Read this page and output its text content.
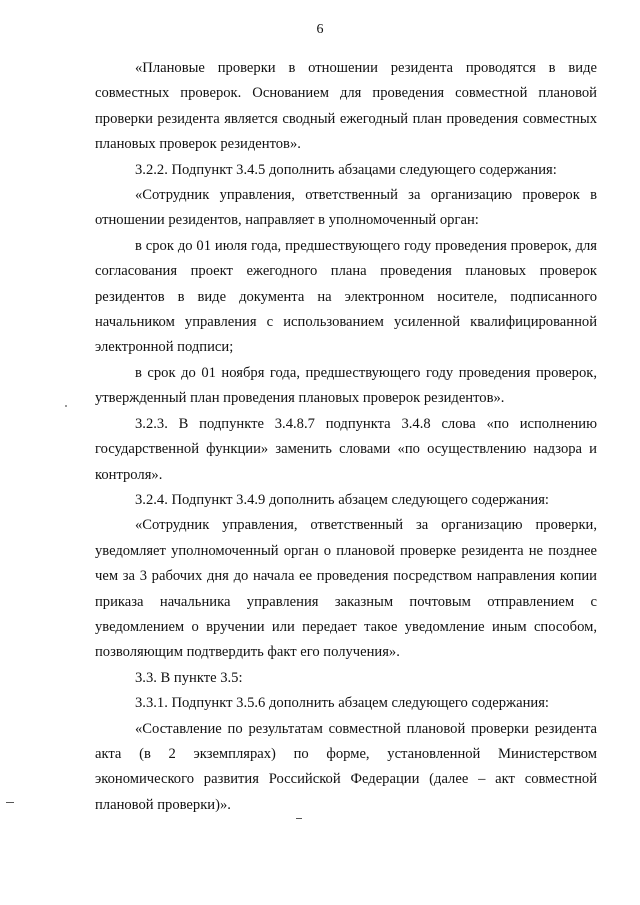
6

«Плановые проверки в отношении резидента проводятся в виде совместных проверок. Основанием для проведения совместной плановой проверки резидента является сводный ежегодный план проведения совместных плановых проверок резидентов».

3.2.2. Подпункт 3.4.5 дополнить абзацами следующего содержания:

«Сотрудник управления, ответственный за организацию проверок в отношении резидентов, направляет в уполномоченный орган:

в срок до 01 июля года, предшествующего году проведения проверок, для согласования проект ежегодного плана проведения плановых проверок резидентов в виде документа на электронном носителе, подписанного начальником управления с использованием усиленной квалифицированной электронной подписи;

в срок до 01 ноября года, предшествующего году проведения проверок, утвержденный план проведения плановых проверок резидентов».

3.2.3. В подпункте 3.4.8.7 подпункта 3.4.8 слова «по исполнению государственной функции» заменить словами «по осуществлению надзора и контроля».

3.2.4. Подпункт 3.4.9 дополнить абзацем следующего содержания:

«Сотрудник управления, ответственный за организацию проверки, уведомляет уполномоченный орган о плановой проверке резидента не позднее чем за 3 рабочих дня до начала ее проведения посредством направления копии приказа начальника управления заказным почтовым отправлением с уведомлением о вручении или передает такое уведомление иным способом, позволяющим подтвердить факт его получения».

3.3. В пункте 3.5:

3.3.1. Подпункт 3.5.6 дополнить абзацем следующего содержания:

«Составление по результатам совместной плановой проверки резидента акта (в 2 экземплярах) по форме, установленной Министерством экономического развития Российской Федерации (далее – акт совместной плановой проверки)».
